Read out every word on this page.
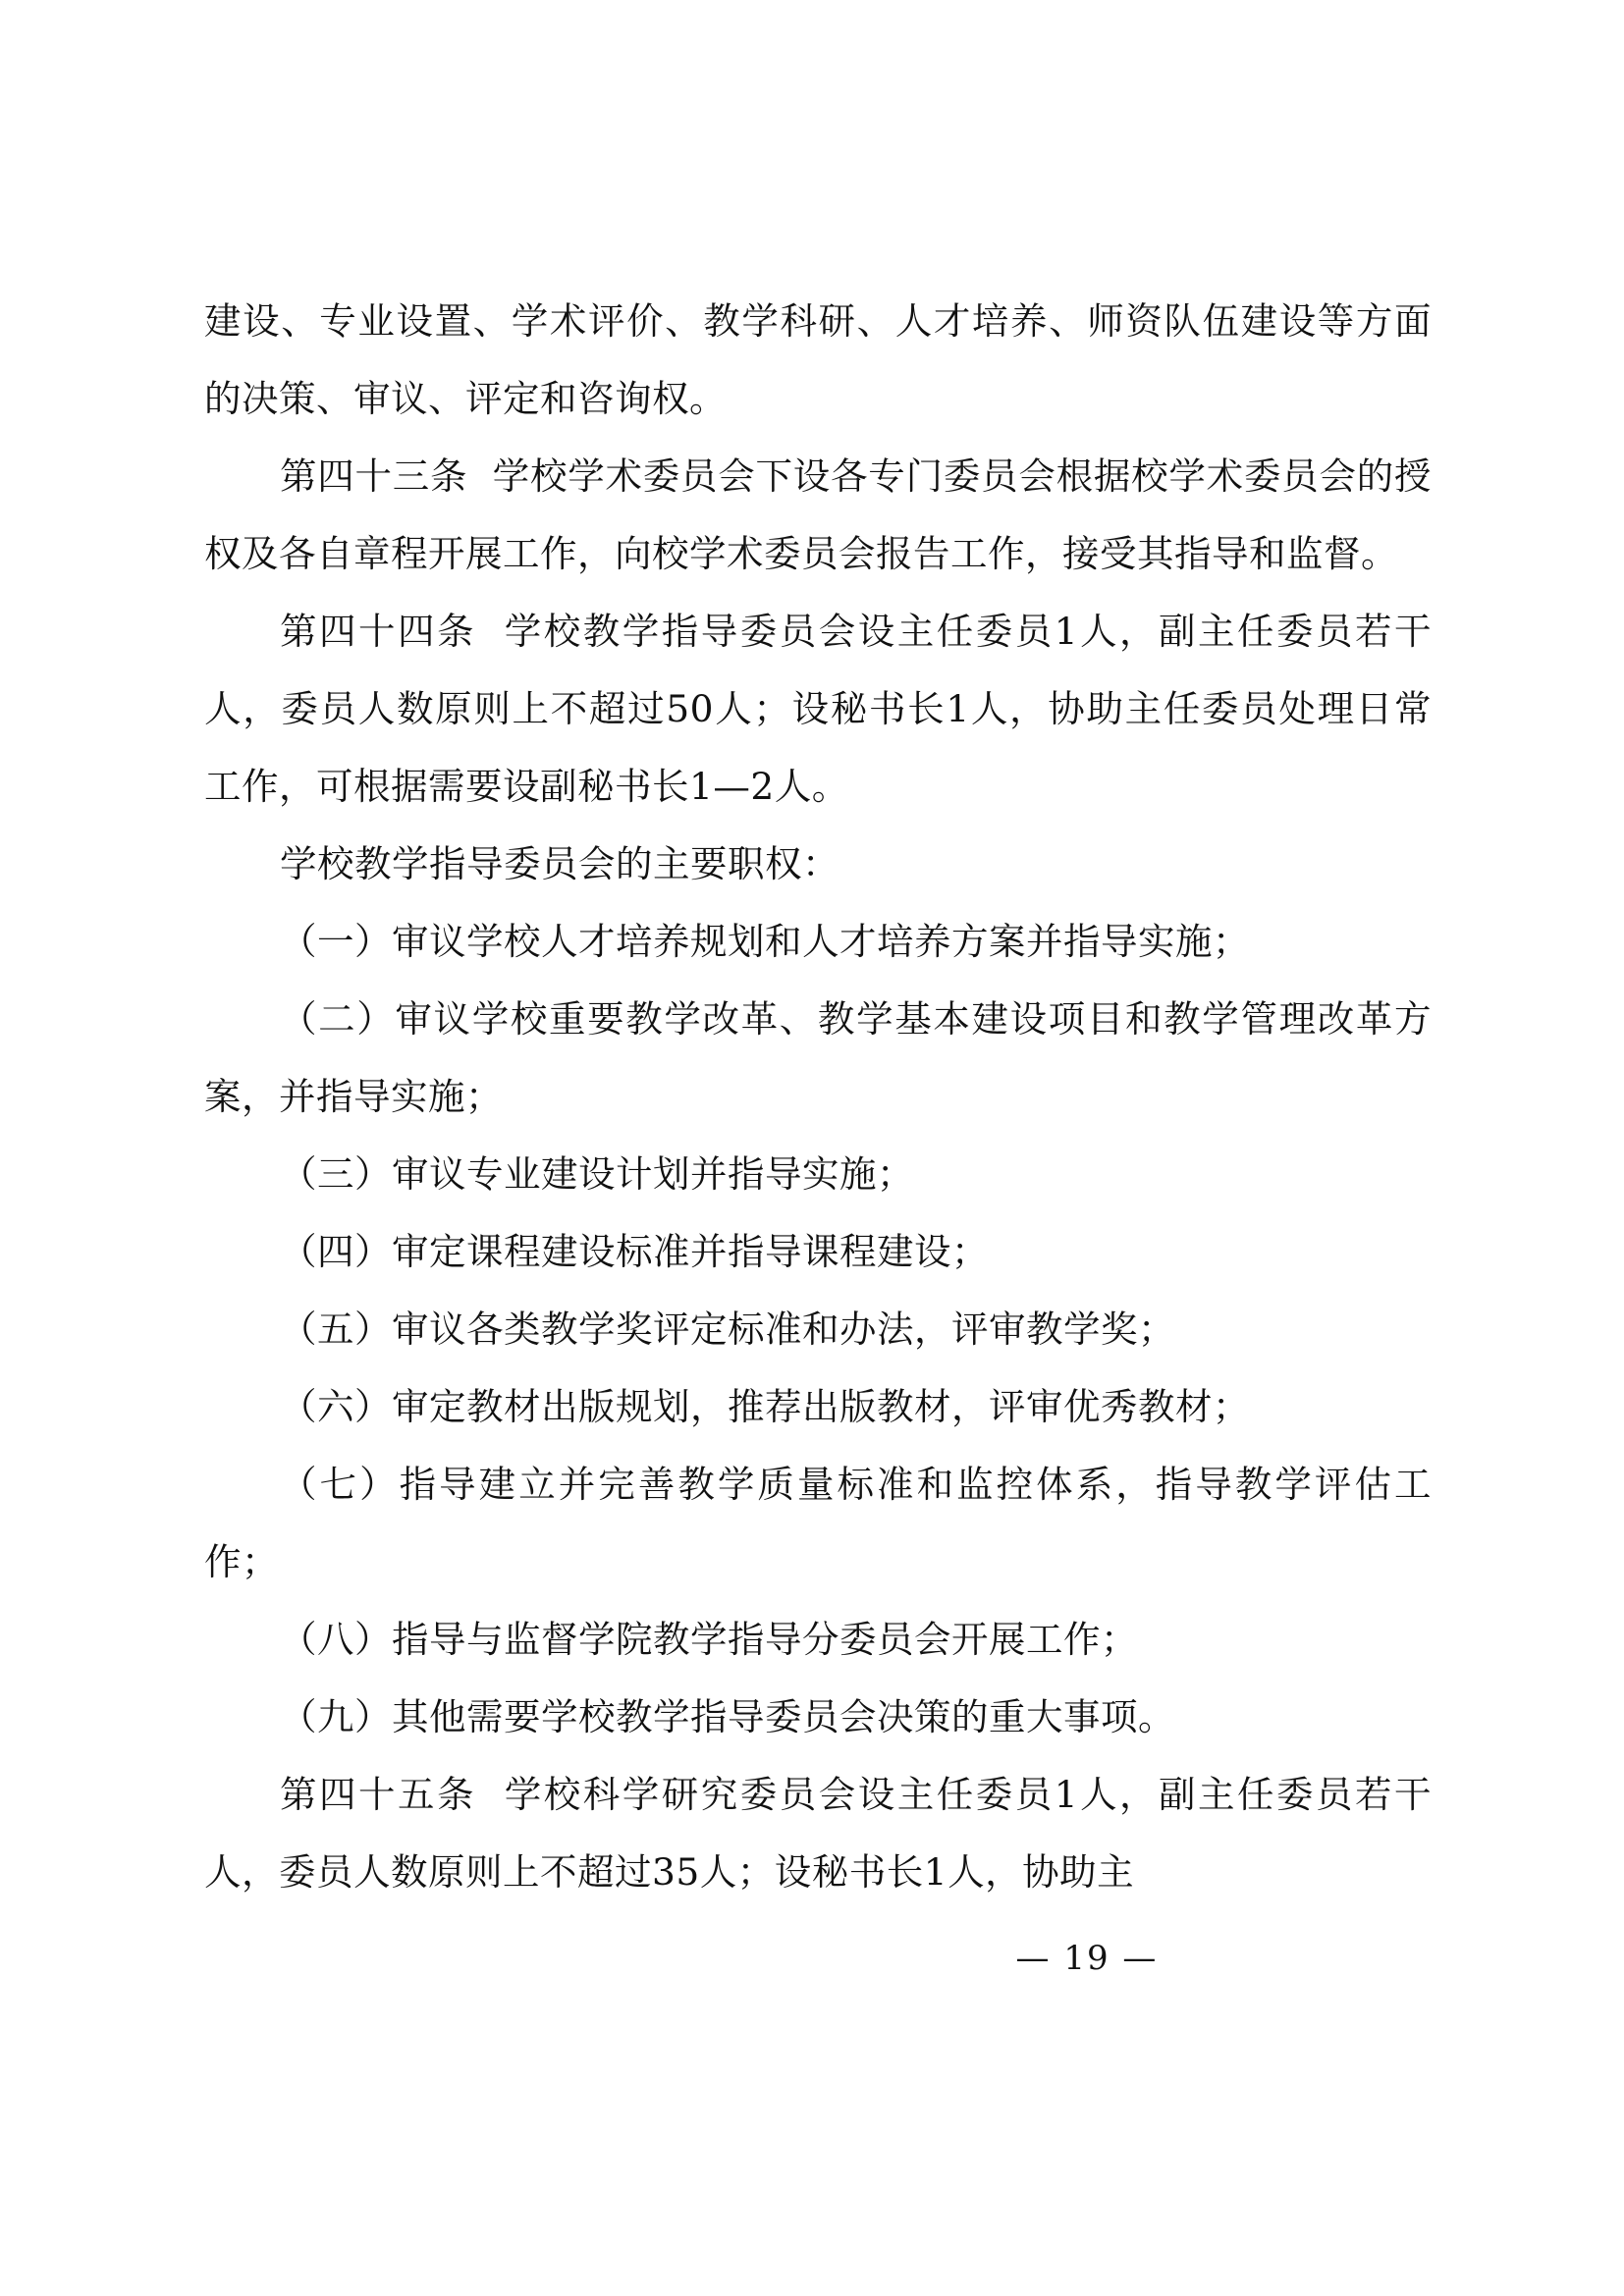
建设、专业设置、学术评价、教学科研、人才培养、师资队伍建设等方面的决策、审议、评定和咨询权。

第四十三条  学校学术委员会下设各专门委员会根据校学术委员会的授权及各自章程开展工作，向校学术委员会报告工作，接受其指导和监督。

第四十四条  学校教学指导委员会设主任委员1人，副主任委员若干人，委员人数原则上不超过50人；设秘书长1人，协助主任委员处理日常工作，可根据需要设副秘书长1—2人。

学校教学指导委员会的主要职权：

（一）审议学校人才培养规划和人才培养方案并指导实施；

（二）审议学校重要教学改革、教学基本建设项目和教学管理改革方案，并指导实施；

（三）审议专业建设计划并指导实施；

（四）审定课程建设标准并指导课程建设；

（五）审议各类教学奖评定标准和办法，评审教学奖；

（六）审定教材出版规划，推荐出版教材，评审优秀教材；

（七）指导建立并完善教学质量标准和监控体系，指导教学评估工作；

（八）指导与监督学院教学指导分委员会开展工作；

（九）其他需要学校教学指导委员会决策的重大事项。

第四十五条  学校科学研究委员会设主任委员1人，副主任委员若干人，委员人数原则上不超过35人；设秘书长1人，协助主

— 19 —
